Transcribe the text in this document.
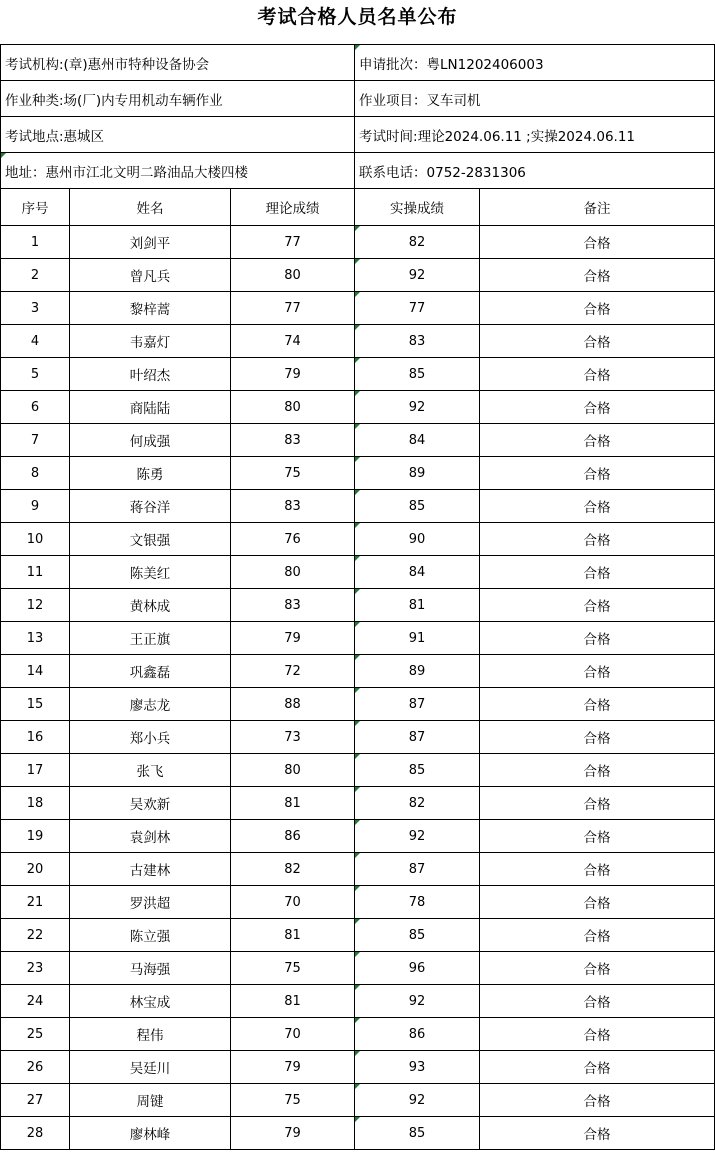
考试合格人员名单公布
考试机构:(章)惠州市特种设备协会			申请批次：粤LN1202406003	
作业种类:场(厂)内专用机动车辆作业			作业项目：叉车司机	
考试地点:惠城区			考试时间:理论2024.06.11 ;实操2024.06.11	
地址：惠州市江北文明二路油品大楼四楼			联系电话：0752-2831306	
序号	姓名	理论成绩	实操成绩	备注
1	刘剑平	77	82	合格
2	曾凡兵	80	92	合格
3	黎梓蒿	77	77	合格
4	韦嘉灯	74	83	合格
5	叶绍杰	79	85	合格
6	商陆陆	80	92	合格
7	何成强	83	84	合格
8	陈勇	75	89	合格
9	蒋谷洋	83	85	合格
10	文银强	76	90	合格
11	陈美红	80	84	合格
12	黄林成	83	81	合格
13	王正旗	79	91	合格
14	巩鑫磊	72	89	合格
15	廖志龙	88	87	合格
16	郑小兵	73	87	合格
17	张飞	80	85	合格
18	吴欢新	81	82	合格
19	袁剑林	86	92	合格
20	古建林	82	87	合格
21	罗洪超	70	78	合格
22	陈立强	81	85	合格
23	马海强	75	96	合格
24	林宝成	81	92	合格
25	程伟	70	86	合格
26	吴廷川	79	93	合格
27	周键	75	92	合格
28	廖林峰	79	85	合格
